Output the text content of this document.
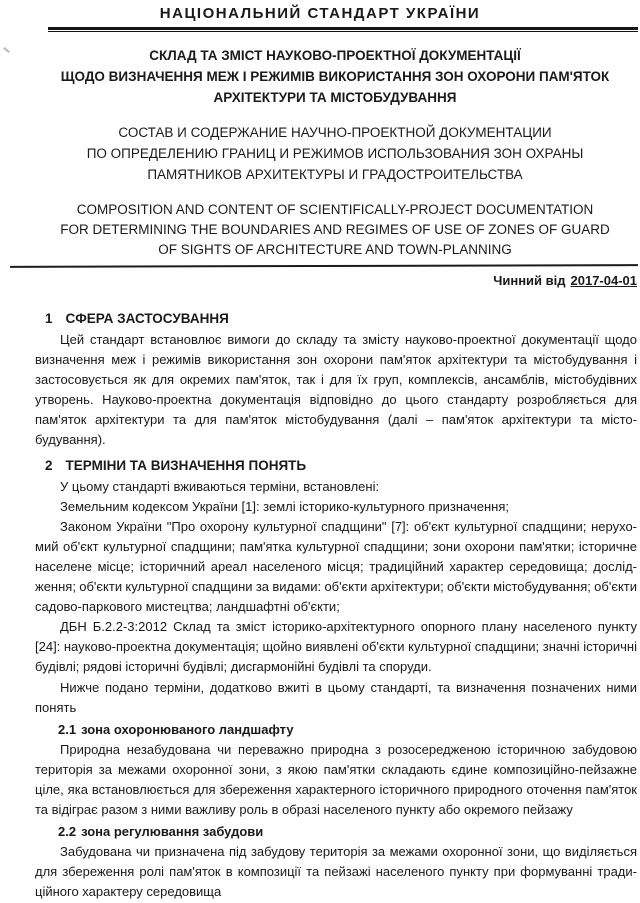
НАЦІОНАЛЬНИЙ СТАНДАРТ УКРАЇНИ
СКЛАД ТА ЗМІСТ НАУКОВО-ПРОЕКТНОЇ ДОКУМЕНТАЦІЇ
ЩОДО ВИЗНАЧЕННЯ МЕЖ І РЕЖИМІВ ВИКОРИСТАННЯ ЗОН ОХОРОНИ ПАМ'ЯТОК
АРХІТЕКТУРИ ТА МІСТОБУДУВАННЯ
СОСТАВ И СОДЕРЖАНИЕ НАУЧНО-ПРОЕКТНОЙ ДОКУМЕНТАЦИИ
ПО ОПРЕДЕЛЕНИЮ ГРАНИЦ И РЕЖИМОВ ИСПОЛЬЗОВАНИЯ ЗОН ОХРАНЫ
ПАМЯТНИКОВ АРХИТЕКТУРЫ И ГРАДОСТРОИТЕЛЬСТВА
COMPOSITION AND CONTENT OF SCIENTIFICALLY-PROJECT DOCUMENTATION
FOR DETERMINING THE BOUNDARIES AND REGIMES OF USE OF ZONES OF GUARD
OF SIGHTS OF ARCHITECTURE AND TOWN-PLANNING
Чинний від 2017-04-01
1 СФЕРА ЗАСТОСУВАННЯ
Цей стандарт встановлює вимоги до складу та змісту науково-проектної документації щодо
визначення меж і режимів використання зон охорони пам'яток архітектури та містобудування і
застосовується як для окремих пам'яток, так і для їх груп, комплексів, ансамблів, містобудівних
утворень. Науково-проектна документація відповідно до цього стандарту розробляється для
пам'яток архітектури та для пам'яток містобудування (далі – пам'яток архітектури та місто-
будування).
2 ТЕРМІНИ ТА ВИЗНАЧЕННЯ ПОНЯТЬ
У цьому стандарті вживаються терміни, встановлені:
Земельним кодексом України [1]: землі історико-культурного призначення;
Законом України "Про охорону культурної спадщини" [7]: об'єкт культурної спадщини; нерухо-
мий об'єкт культурної спадщини; пам'ятка культурної спадщини; зони охорони пам'ятки; історичне
населене місце; історичний ареал населеного місця; традиційний характер середовища; дослід-
ження; об'єкти культурної спадщини за видами: об'єкти архітектури; об'єкти містобудування; об'єкти
садово-паркового мистецтва; ландшафтні об'єкти;
ДБН Б.2.2-3:2012 Склад та зміст історико-архітектурного опорного плану населеного пункту
[24]: науково-проектна документація; щойно виявлені об'єкти культурної спадщини; значні історичні
будівлі; рядові історичні будівлі; дисгармонійні будівлі та споруди.
Нижче подано терміни, додатково вжиті в цьому стандарті, та визначення позначених ними
понять
2.1 зона охоронюваного ландшафту
Природна незабудована чи переважно природна з розосередженою історичною забудовою
територія за межами охоронної зони, з якою пам'ятки складають єдине композиційно-пейзажне
ціле, яка встановлюється для збереження характерного історичного природного оточення пам'яток
та відіграє разом з ними важливу роль в образі населеного пункту або окремого пейзажу
2.2 зона регулювання забудови
Забудована чи призначена під забудову територія за межами охоронної зони, що виділяється
для збереження ролі пам'яток в композиції та пейзажі населеного пункту при формуванні тради-
ційного характеру середовища
